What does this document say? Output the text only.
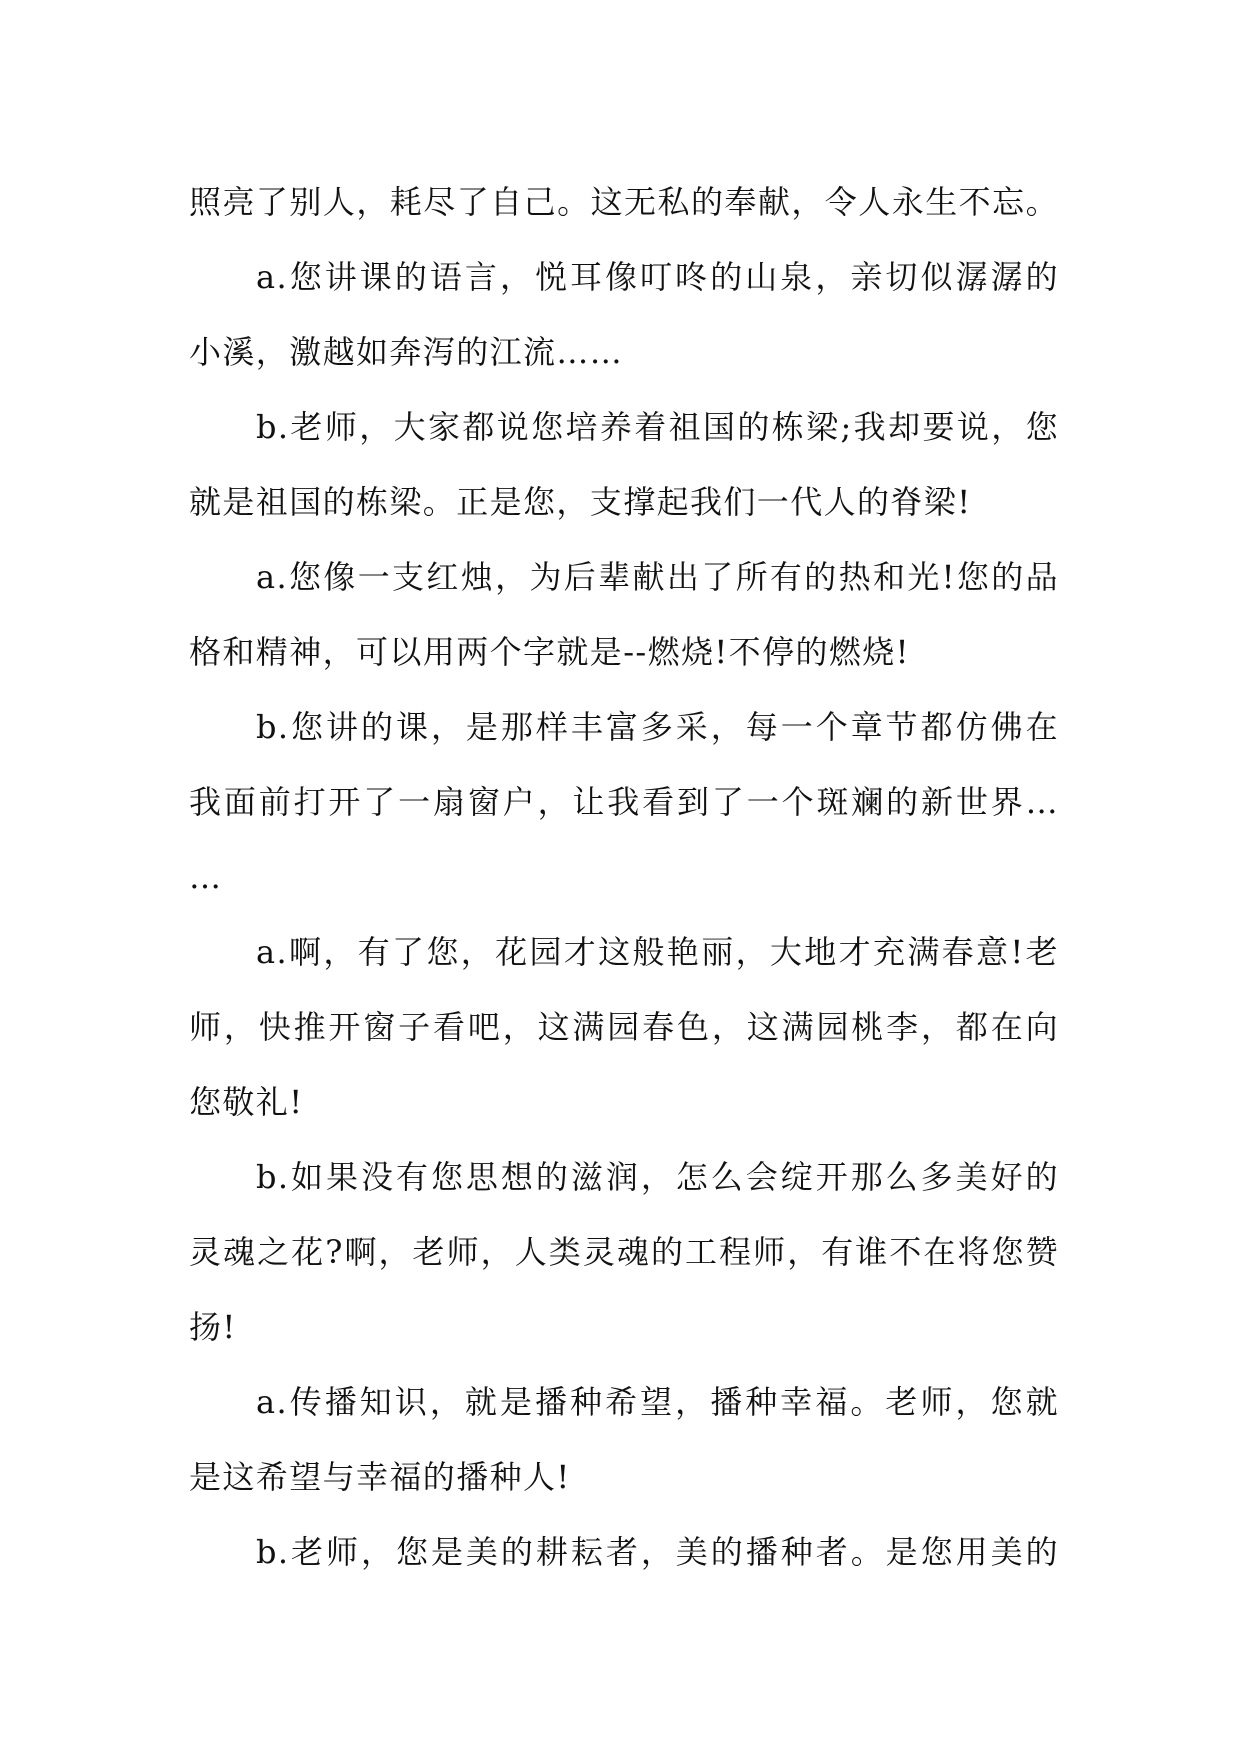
照亮了别人，耗尽了自己。这无私的奉献，令人永生不忘。
a.您讲课的语言，悦耳像叮咚的山泉，亲切似潺潺的
小溪，激越如奔泻的江流……
b.老师，大家都说您培养着祖国的栋梁;我却要说，您
就是祖国的栋梁。正是您，支撑起我们一代人的脊梁!
a.您像一支红烛，为后辈献出了所有的热和光!您的品
格和精神，可以用两个字就是--燃烧!不停的燃烧!
b.您讲的课，是那样丰富多采，每一个章节都仿佛在
我面前打开了一扇窗户，让我看到了一个斑斓的新世界…
…
a.啊，有了您，花园才这般艳丽，大地才充满春意!老
师，快推开窗子看吧，这满园春色，这满园桃李，都在向
您敬礼!
b.如果没有您思想的滋润，怎么会绽开那么多美好的
灵魂之花?啊，老师，人类灵魂的工程师，有谁不在将您赞
扬!
a.传播知识，就是播种希望，播种幸福。老师，您就
是这希望与幸福的播种人!
b.老师，您是美的耕耘者，美的播种者。是您用美的
